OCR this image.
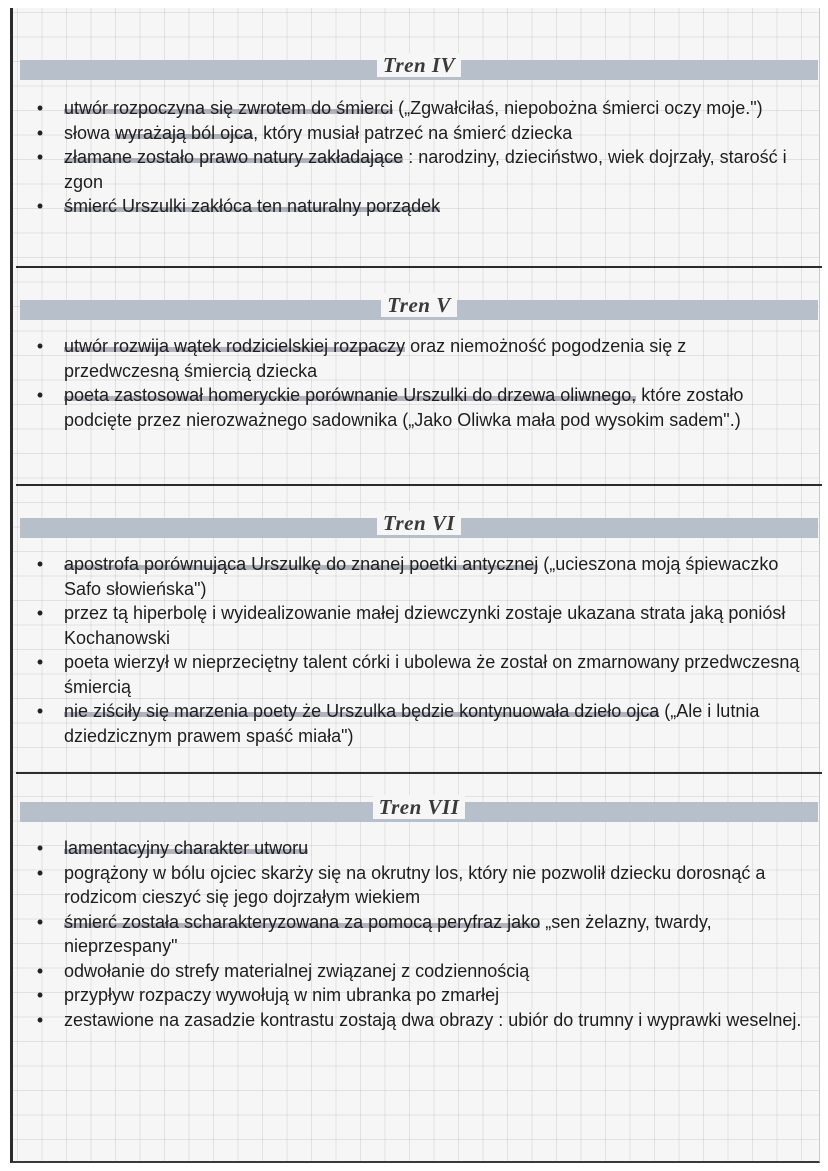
Tren IV
• utwór rozpoczyna się zwrotem do śmierci („Zgwałciłaś, niepobożna śmierci oczy moje.")
• słowa wyrażają ból ojca, który musiał patrzeć na śmierć dziecka
• złamane zostało prawo natury zakładające : narodziny, dzieciństwo, wiek dojrzały, starość i zgon
• śmierć Urszulki zakłóca ten naturalny porządek
Tren V
• utwór rozwija wątek rodzicielskiej rozpaczy oraz niemożność pogodzenia się z przedwczesną śmiercią dziecka
• poeta zastosował homeryckie porównanie Urszulki do drzewa oliwnego, które zostało podcięte przez nierozważnego sadownika („Jako Oliwka mała pod wysokim sadem".)
Tren VI
• apostrofa porównująca Urszulkę do znanej poetki antycznej („ucieszona moją śpiewaczko Safo słowieńska")
• przez tą hiperbolę i wyidealizowanie małej dziewczynki zostaje ukazana strata jaką poniósł Kochanowski
• poeta wierzył w nieprzeciętny talent córki i ubolewa że został on zmarnowany przedwczesną śmiercią
• nie ziściły się marzenia poety że Urszulka będzie kontynuowała dzieło ojca („Ale i lutnia dziedzicznym prawem spaść miała")
Tren VII
• lamentacyjny charakter utworu
• pogrążony w bólu ojciec skarży się na okrutny los, który nie pozwolił dziecku dorosnąć a rodzicom cieszyć się jego dojrzałym wiekiem
• śmierć została scharakteryzowana za pomocą peryfraz jako „sen żelazny, twardy, nieprzespany"
• odwołanie do strefy materialnej związanej z codziennością
• przypływ rozpaczy wywołują w nim ubranka po zmarłej
• zestawione na zasadzie kontrastu zostają dwa obrazy : ubiór do trumny i wyprawki weselnej.
